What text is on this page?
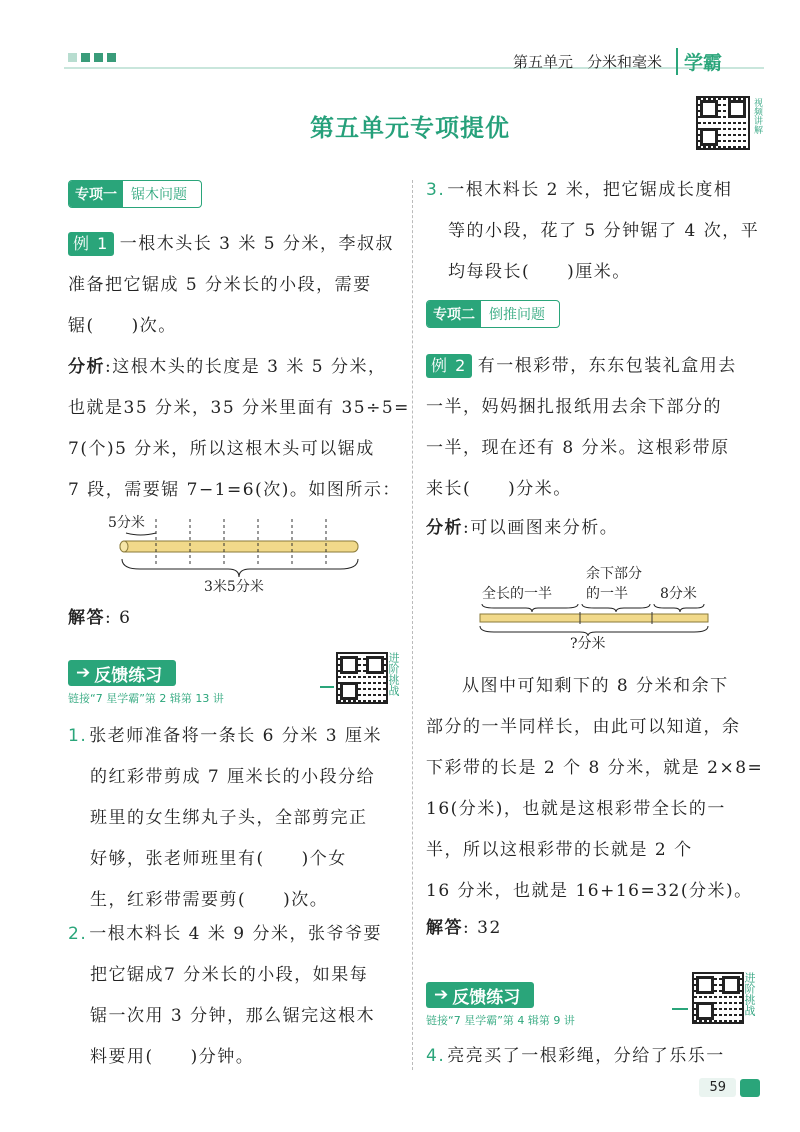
第五单元 分米和毫米	学霸
第五单元专项提优	视频讲解
专项一	锯木问题
例 1 一根木头长 3 米 5 分米，李叔叔
准备把它锯成 5 分米长的小段，需要
锯(　　)次。
分析:这根木头的长度是 3 米 5 分米，
也就是35 分米，35 分米里面有 35÷5=
7(个)5 分米，所以这根木头可以锯成
7 段，需要锯 7−1=6(次)。如图所示：
5分米
3米5分米
解答: 6
➔ 反馈练习
链接“7 星学霸”第 2 辑第 13 讲
进阶挑战
1. 张老师准备将一条长 6 分米 3 厘米
的红彩带剪成 7 厘米长的小段分给
班里的女生绑丸子头，全部剪完正
好够，张老师班里有(　　)个女
生，红彩带需要剪(　　)次。
2. 一根木料长 4 米 9 分米，张爷爷要
把它锯成7 分米长的小段，如果每
锯一次用 3 分钟，那么锯完这根木
料要用(　　)分钟。
3. 一根木料长 2 米，把它锯成长度相
等的小段，花了 5 分钟锯了 4 次，平
均每段长(　　)厘米。
专项二	倒推问题
例 2 有一根彩带，东东包装礼盒用去
一半，妈妈捆扎报纸用去余下部分的
一半，现在还有 8 分米。这根彩带原
来长(　　)分米。
分析:可以画图来分析。
余下部分
全长的一半 的一半 8分米
?分米
从图中可知剩下的 8 分米和余下
部分的一半同样长，由此可以知道，余
下彩带的长是 2 个 8 分米，就是 2×8=
16(分米)，也就是这根彩带全长的一
半，所以这根彩带的长就是 2 个
16 分米，也就是 16+16=32(分米)。
解答: 32
➔ 反馈练习
链接“7 星学霸”第 4 辑第 9 讲
进阶挑战
4. 亮亮买了一根彩绳，分给了乐乐一
59
